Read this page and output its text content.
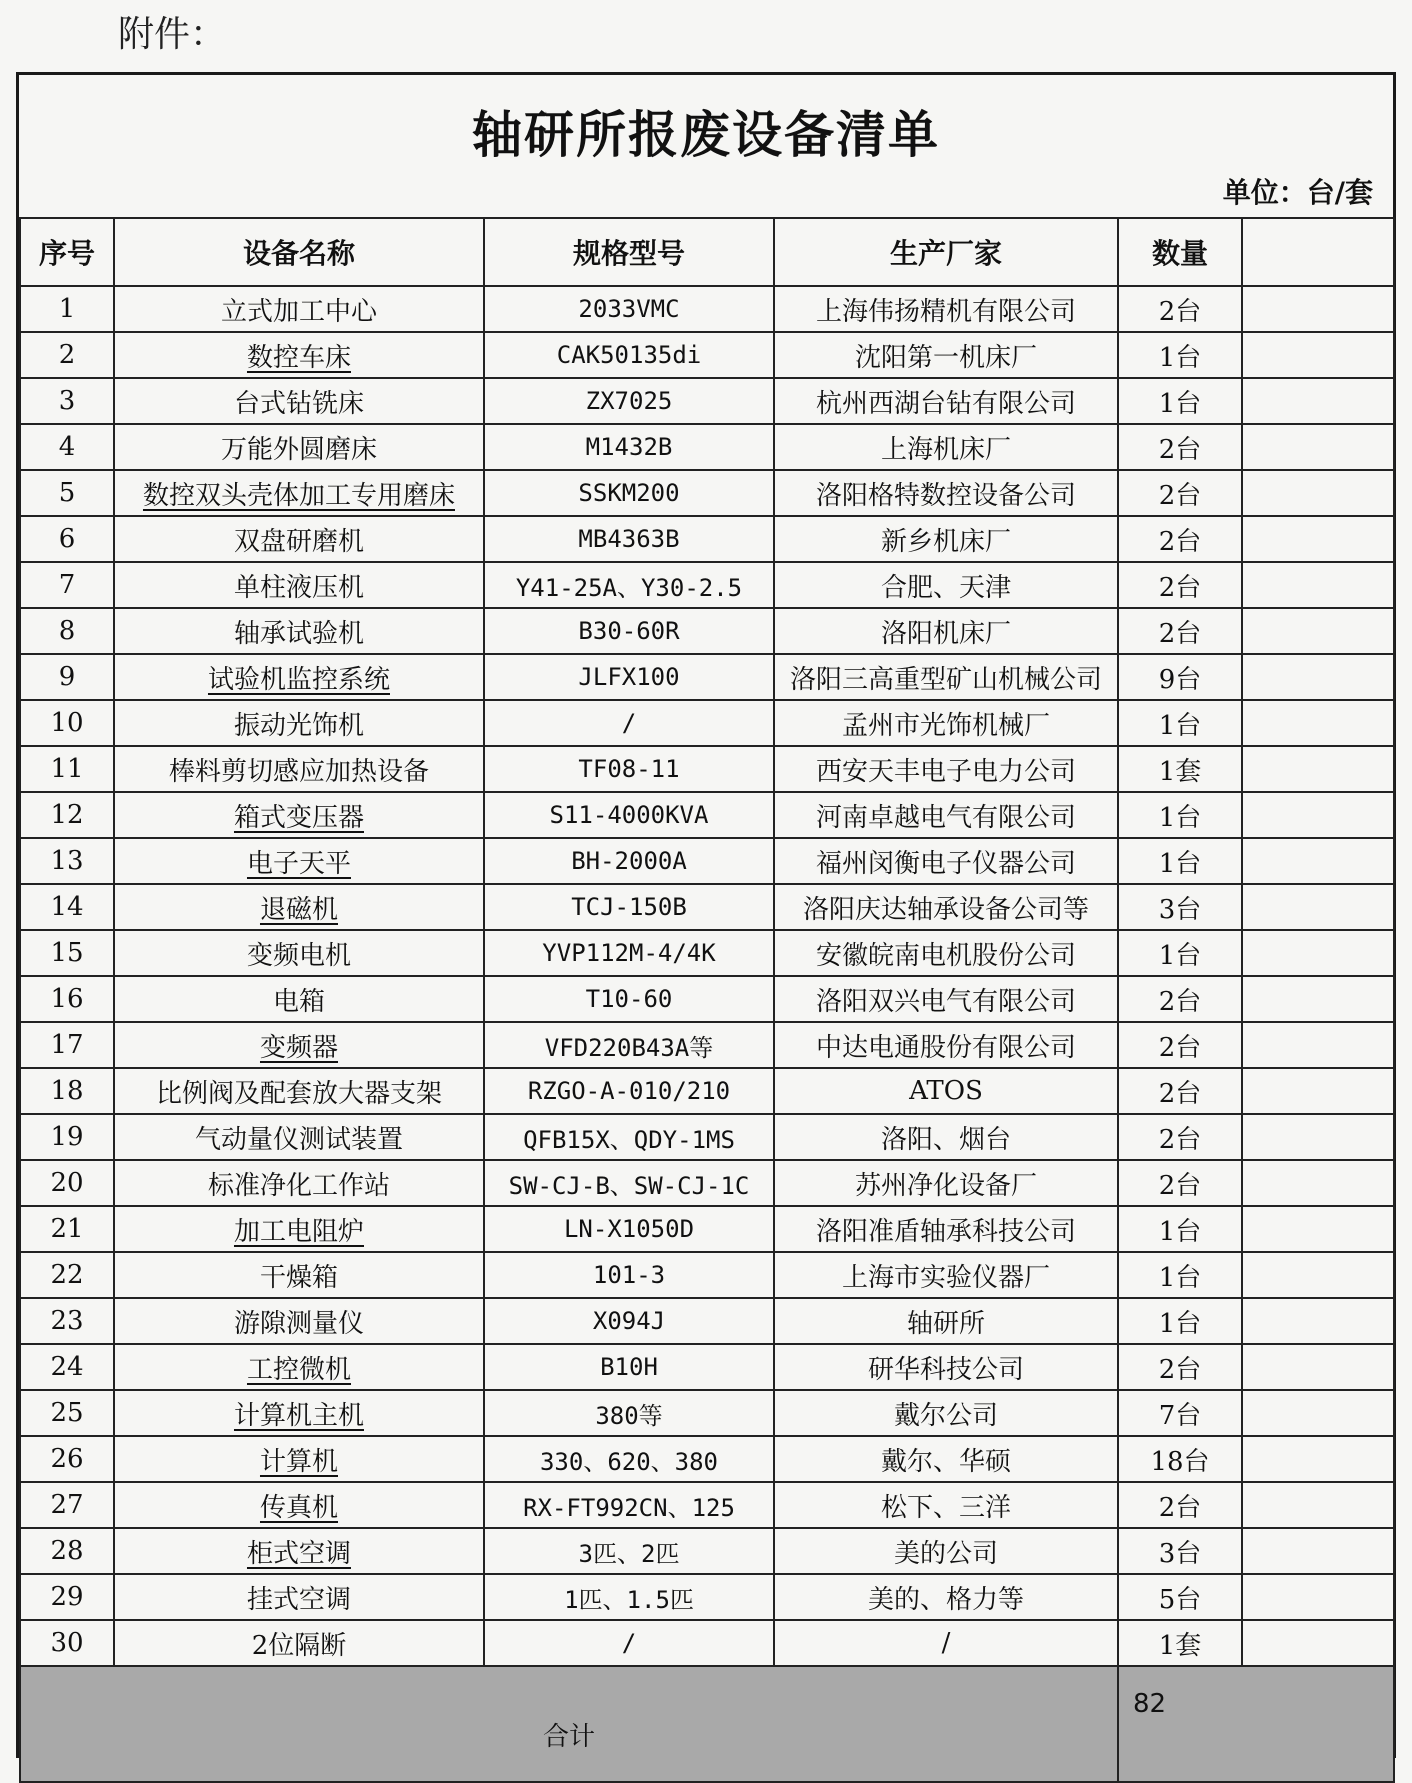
附件：
轴研所报废设备清单
单位：台/套
序号	设备名称	规格型号	生产厂家	数量	
1	立式加工中心	2033VMC	上海伟扬精机有限公司	2台	
2	数控车床	CAK50135di	沈阳第一机床厂	1台	
3	台式钻铣床	ZX7025	杭州西湖台钻有限公司	1台	
4	万能外圆磨床	M1432B	上海机床厂	2台	
5	数控双头壳体加工专用磨床	SSKM200	洛阳格特数控设备公司	2台	
6	双盘研磨机	MB4363B	新乡机床厂	2台	
7	单柱液压机	Y41-25A、Y30-2.5	合肥、天津	2台	
8	轴承试验机	B30-60R	洛阳机床厂	2台	
9	试验机监控系统	JLFX100	洛阳三高重型矿山机械公司	9台	
10	振动光饰机	/	孟州市光饰机械厂	1台	
11	棒料剪切感应加热设备	TF08-11	西安天丰电子电力公司	1套	
12	箱式变压器	S11-4000KVA	河南卓越电气有限公司	1台	
13	电子天平	BH-2000A	福州闵衡电子仪器公司	1台	
14	退磁机	TCJ-150B	洛阳庆达轴承设备公司等	3台	
15	变频电机	YVP112M-4/4K	安徽皖南电机股份公司	1台	
16	电箱	T10-60	洛阳双兴电气有限公司	2台	
17	变频器	VFD220B43A等	中达电通股份有限公司	2台	
18	比例阀及配套放大器支架	RZGO-A-010/210	ATOS	2台	
19	气动量仪测试装置	QFB15X、QDY-1MS	洛阳、烟台	2台	
20	标准净化工作站	SW-CJ-B、SW-CJ-1C	苏州净化设备厂	2台	
21	加工电阻炉	LN-X1050D	洛阳准盾轴承科技公司	1台	
22	干燥箱	101-3	上海市实验仪器厂	1台	
23	游隙测量仪	X094J	轴研所	1台	
24	工控微机	B10H	研华科技公司	2台	
25	计算机主机	380等	戴尔公司	7台	
26	计算机	330、620、380	戴尔、华硕	18台	
27	传真机	RX-FT992CN、125	松下、三洋	2台	
28	柜式空调	3匹、2匹	美的公司	3台	
29	挂式空调	1匹、1.5匹	美的、格力等	5台	
30	2位隔断	/	/	1套	
合计				82	
